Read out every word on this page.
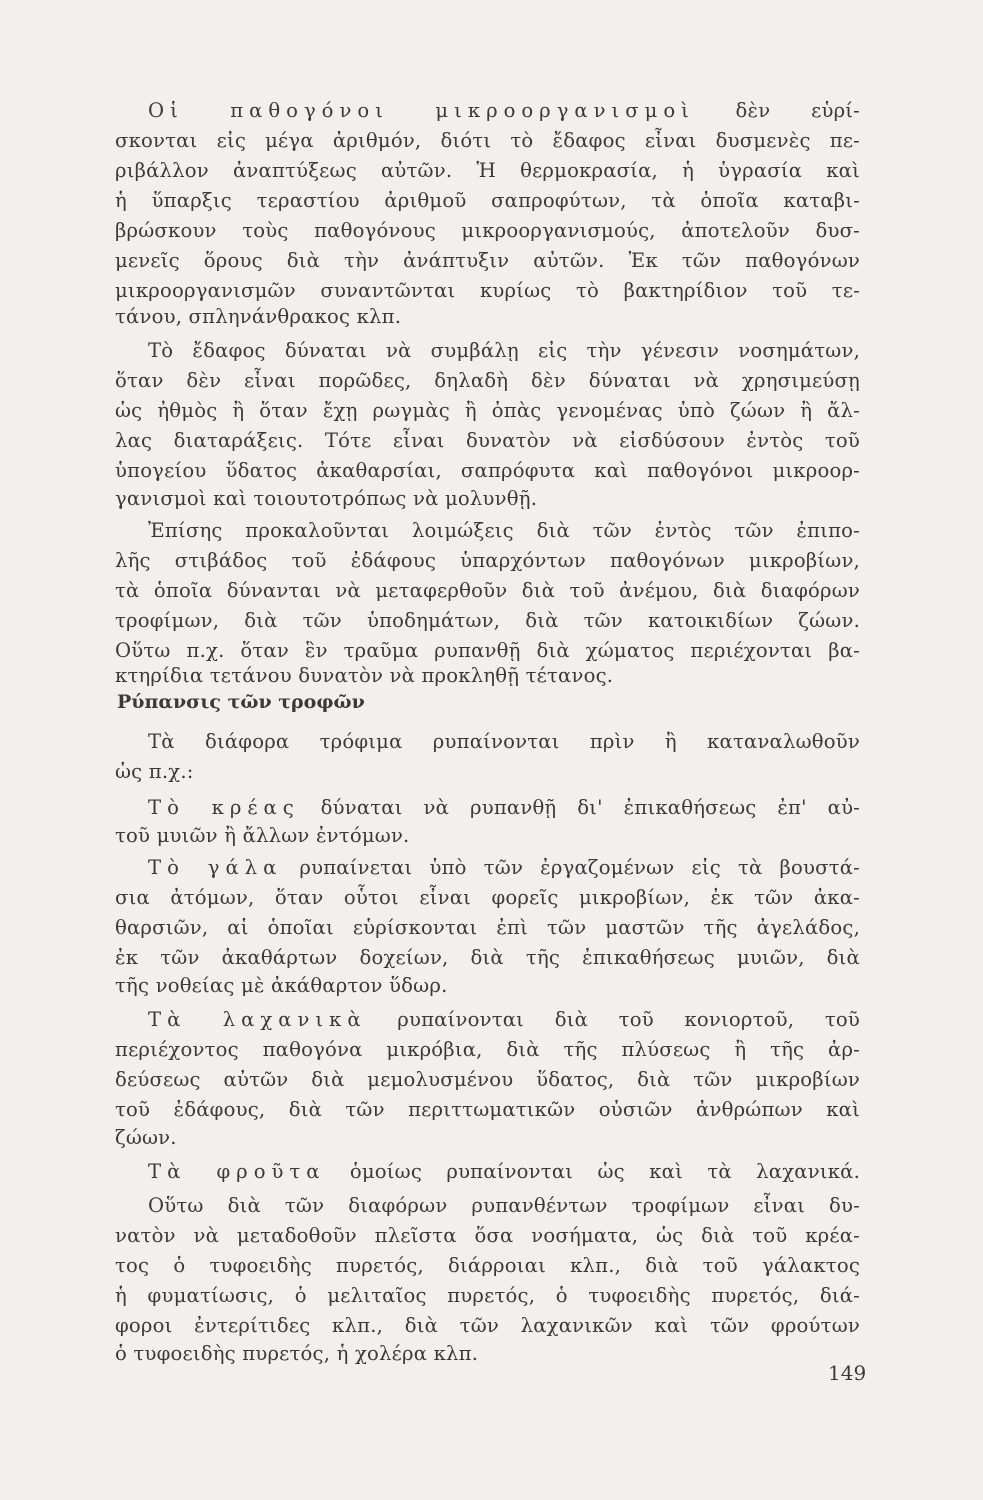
Οἱ παθογόνοι μικροοργανισμοὶ δὲν εὑρί-
σκονται εἰς μέγα ἀριθμόν, διότι τὸ ἔδαφος εἶναι δυσμενὲς πε-
ριβάλλον ἀναπτύξεως αὐτῶν. Ἡ θερμοκρασία, ἡ ὑγρασία καὶ
ἡ ὕπαρξις τεραστίου ἀριθμοῦ σαπροφύτων, τὰ ὁποῖα καταβι-
βρώσκουν τοὺς παθογόνους μικροοργανισμούς, ἀποτελοῦν δυσ-
μενεῖς ὅρους διὰ τὴν ἀνάπτυξιν αὐτῶν. Ἐκ τῶν παθογόνων
μικροοργανισμῶν συναντῶνται κυρίως τὸ βακτηρίδιον τοῦ τε-
τάνου, σπληνάνθρακος κλπ.
Τὸ ἔδαφος δύναται νὰ συμβάλῃ εἰς τὴν γένεσιν νοσημάτων,
ὅταν δὲν εἶναι πορῶδες, δηλαδὴ δὲν δύναται νὰ χρησιμεύσῃ
ὡς ἠθμὸς ἢ ὅταν ἔχῃ ρωγμὰς ἢ ὀπὰς γενομένας ὑπὸ ζώων ἢ ἄλ-
λας διαταράξεις. Τότε εἶναι δυνατὸν νὰ εἰσδύσουν ἐντὸς τοῦ
ὑπογείου ὕδατος ἀκαθαρσίαι, σαπρόφυτα καὶ παθογόνοι μικροορ-
γανισμοὶ καὶ τοιουτοτρόπως νὰ μολυνθῇ.
Ἐπίσης προκαλοῦνται λοιμώξεις διὰ τῶν ἐντὸς τῶν ἐπιπο-
λῆς στιβάδος τοῦ ἐδάφους ὑπαρχόντων παθογόνων μικροβίων,
τὰ ὁποῖα δύνανται νὰ μεταφερθοῦν διὰ τοῦ ἀνέμου, διὰ διαφόρων
τροφίμων, διὰ τῶν ὑποδημάτων, διὰ τῶν κατοικιδίων ζώων.
Οὕτω π.χ. ὅταν ἓν τραῦμα ρυπανθῇ διὰ χώματος περιέχονται βα-
κτηρίδια τετάνου δυνατὸν νὰ προκληθῇ τέτανος.
Ρύπανσις τῶν τροφῶν
Τὰ διάφορα τρόφιμα ρυπαίνονται πρὶν ἢ καταναλωθοῦν
ὡς π.χ.:
Τὸ κρέας δύναται νὰ ρυπανθῇ δι' ἐπικαθήσεως ἐπ' αὐ-
τοῦ μυιῶν ἢ ἄλλων ἐντόμων.
Τὸ γάλα ρυπαίνεται ὑπὸ τῶν ἐργαζομένων εἰς τὰ βουστά-
σια ἀτόμων, ὅταν οὗτοι εἶναι φορεῖς μικροβίων, ἐκ τῶν ἀκα-
θαρσιῶν, αἱ ὁποῖαι εὑρίσκονται ἐπὶ τῶν μαστῶν τῆς ἀγελάδος,
ἐκ τῶν ἀκαθάρτων δοχείων, διὰ τῆς ἐπικαθήσεως μυιῶν, διὰ
τῆς νοθείας μὲ ἀκάθαρτον ὕδωρ.
Τὰ λαχανικὰ ρυπαίνονται διὰ τοῦ κονιορτοῦ, τοῦ
περιέχοντος παθογόνα μικρόβια, διὰ τῆς πλύσεως ἢ τῆς ἀρ-
δεύσεως αὐτῶν διὰ μεμολυσμένου ὕδατος, διὰ τῶν μικροβίων
τοῦ ἐδάφους, διὰ τῶν περιττωματικῶν οὐσιῶν ἀνθρώπων καὶ
ζώων.
Τὰ φροῦτα ὁμοίως ρυπαίνονται ὡς καὶ τὰ λαχανικά.
Οὕτω διὰ τῶν διαφόρων ρυπανθέντων τροφίμων εἶναι δυ-
νατὸν νὰ μεταδοθοῦν πλεῖστα ὅσα νοσήματα, ὡς διὰ τοῦ κρέα-
τος ὁ τυφοειδὴς πυρετός, διάρροιαι κλπ., διὰ τοῦ γάλακτος
ἡ φυματίωσις, ὁ μελιταῖος πυρετός, ὁ τυφοειδὴς πυρετός, διά-
φοροι ἐντερίτιδες κλπ., διὰ τῶν λαχανικῶν καὶ τῶν φρούτων
ὁ τυφοειδὴς πυρετός, ἡ χολέρα κλπ.
149
